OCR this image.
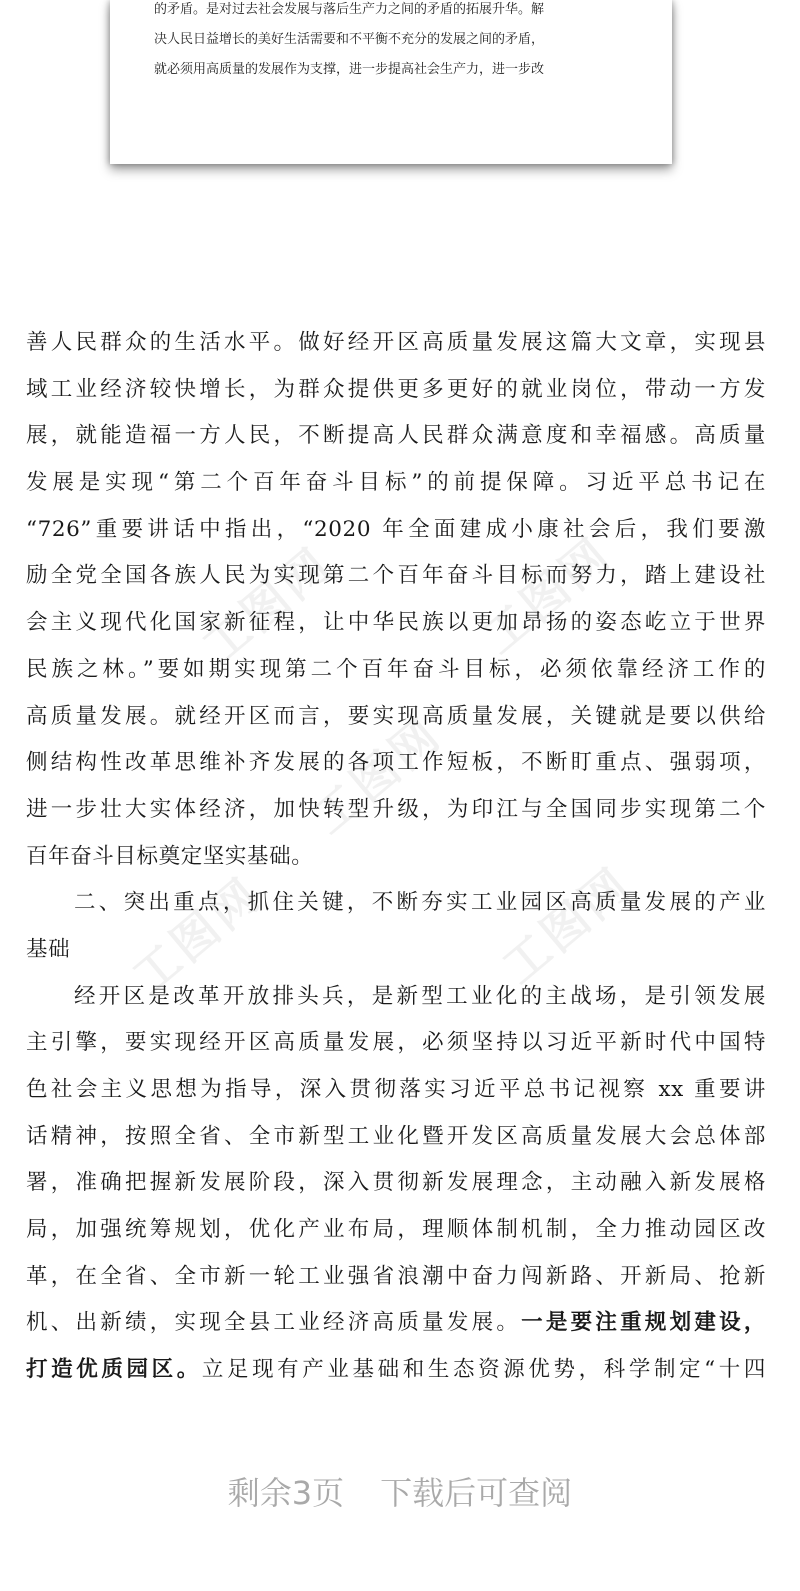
的矛盾。是对过去社会发展与落后生产力之间的矛盾的拓展升华。解
决人民日益增长的美好生活需要和不平衡不充分的发展之间的矛盾，
就必须用高质量的发展作为支撑，进一步提高社会生产力，进一步改
工图网	工图网
工图网
工图网	工图网
善人民群众的生活水平。做好经开区高质量发展这篇大文章，实现县
域工业经济较快增长，为群众提供更多更好的就业岗位，带动一方发
展，就能造福一方人民，不断提高人民群众满意度和幸福感。高质量
发展是实现“第二个百年奋斗目标”的前提保障。习近平总书记在
“726”重要讲话中指出，“2020 年全面建成小康社会后，我们要激
励全党全国各族人民为实现第二个百年奋斗目标而努力，踏上建设社
会主义现代化国家新征程，让中华民族以更加昂扬的姿态屹立于世界
民族之林。”要如期实现第二个百年奋斗目标，必须依靠经济工作的
高质量发展。就经开区而言，要实现高质量发展，关键就是要以供给
侧结构性改革思维补齐发展的各项工作短板，不断盯重点、强弱项，
进一步壮大实体经济，加快转型升级，为印江与全国同步实现第二个
百年奋斗目标奠定坚实基础。
二、突出重点，抓住关键，不断夯实工业园区高质量发展的产业
基础
经开区是改革开放排头兵，是新型工业化的主战场，是引领发展
主引擎，要实现经开区高质量发展，必须坚持以习近平新时代中国特
色社会主义思想为指导，深入贯彻落实习近平总书记视察 xx 重要讲
话精神，按照全省、全市新型工业化暨开发区高质量发展大会总体部
署，准确把握新发展阶段，深入贯彻新发展理念，主动融入新发展格
局，加强统筹规划，优化产业布局，理顺体制机制，全力推动园区改
革，在全省、全市新一轮工业强省浪潮中奋力闯新路、开新局、抢新
机、出新绩，实现全县工业经济高质量发展。一是要注重规划建设，
打造优质园区。立足现有产业基础和生态资源优势，科学制定“十四
剩余3页 下载后可查阅
